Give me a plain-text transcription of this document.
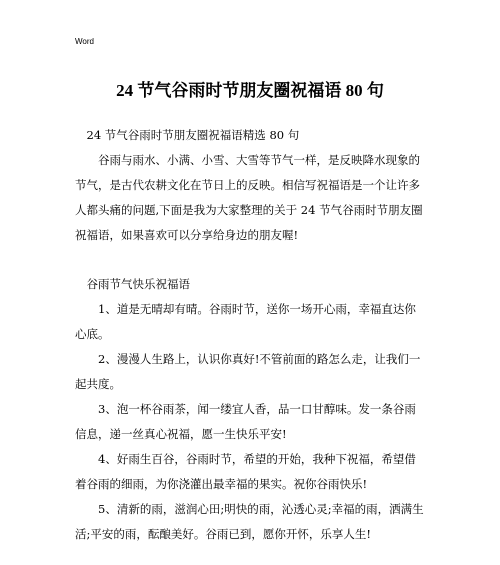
Word
24 节气谷雨时节朋友圈祝福语 80 句

24 节气谷雨时节朋友圈祝福语精选 80 句

谷雨与雨水、小满、小雪、大雪等节气一样，是反映降水现象的节气，是古代农耕文化在节日上的反映。相信写祝福语是一个让许多人都头痛的问题,下面是我为大家整理的关于 24 节气谷雨时节朋友圈祝福语，如果喜欢可以分享给身边的朋友喔!

谷雨节气快乐祝福语

1、道是无晴却有晴。谷雨时节，送你一场开心雨，幸福直达你心底。

2、漫漫人生路上，认识你真好!不管前面的路怎么走，让我们一起共度。

3、泡一杯谷雨茶，闻一缕宜人香，品一口甘醇味。发一条谷雨信息，递一丝真心祝福，愿一生快乐平安!

4、好雨生百谷，谷雨时节，希望的开始，我种下祝福，希望借着谷雨的细雨，为你浇灌出最幸福的果实。祝你谷雨快乐!

5、清新的雨，滋润心田;明快的雨，沁透心灵;幸福的雨，洒满生活;平安的雨，酝酿美好。谷雨已到，愿你开怀，乐享人生!
